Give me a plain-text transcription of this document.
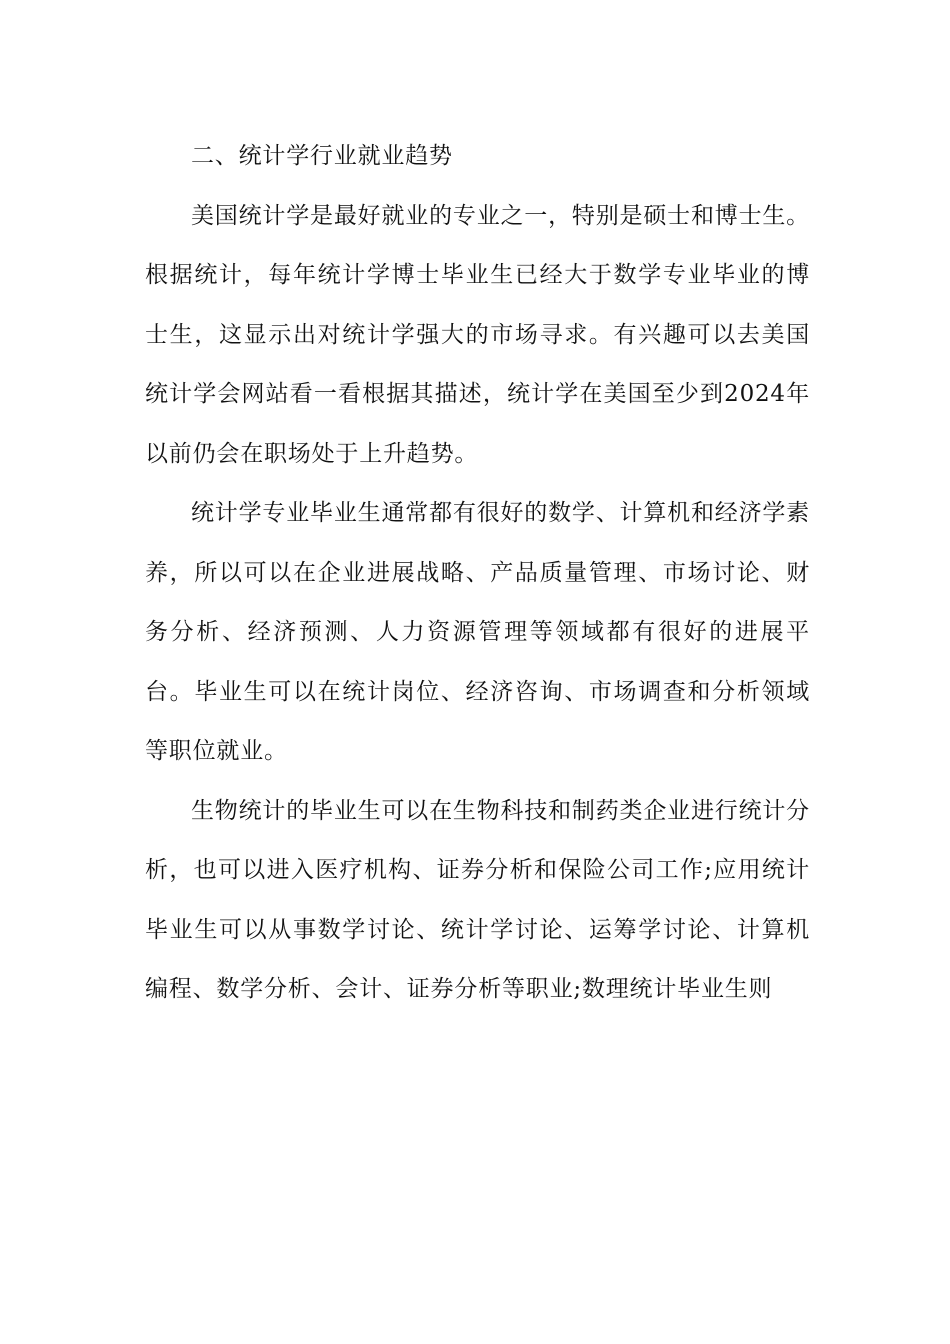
二、统计学行业就业趋势

美国统计学是最好就业的专业之一，特别是硕士和博士生。根据统计，每年统计学博士毕业生已经大于数学专业毕业的博士生，这显示出对统计学强大的市场寻求。有兴趣可以去美国统计学会网站看一看根据其描述，统计学在美国至少到2024年以前仍会在职场处于上升趋势。

统计学专业毕业生通常都有很好的数学、计算机和经济学素养，所以可以在企业进展战略、产品质量管理、市场讨论、财务分析、经济预测、人力资源管理等领域都有很好的进展平台。毕业生可以在统计岗位、经济咨询、市场调查和分析领域等职位就业。

生物统计的毕业生可以在生物科技和制药类企业进行统计分析，也可以进入医疗机构、证券分析和保险公司工作;应用统计毕业生可以从事数学讨论、统计学讨论、运筹学讨论、计算机编程、数学分析、会计、证券分析等职业;数理统计毕业生则
